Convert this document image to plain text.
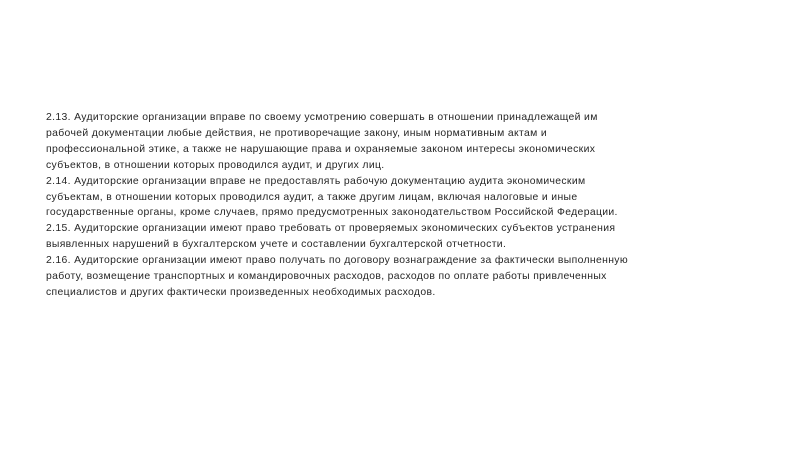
2.13. Аудиторские организации вправе по своему усмотрению совершать в отношении принадлежащей им
рабочей документации любые действия, не противоречащие закону, иным нормативным актам и
профессиональной этике, а также не нарушающие права и охраняемые законом интересы экономических
субъектов, в отношении которых проводился аудит, и других лиц.

2.14. Аудиторские организации вправе не предоставлять рабочую документацию аудита экономическим
субъектам, в отношении которых проводился аудит, а также другим лицам, включая налоговые и иные
государственные органы, кроме случаев, прямо предусмотренных законодательством Российской Федерации.

2.15. Аудиторские организации имеют право требовать от проверяемых экономических субъектов устранения
выявленных нарушений в бухгалтерском учете и составлении бухгалтерской отчетности.

2.16. Аудиторские организации имеют право получать по договору вознаграждение за фактически выполненную
работу, возмещение транспортных и командировочных расходов, расходов по оплате работы привлеченных
специалистов и других фактически произведенных необходимых расходов.
